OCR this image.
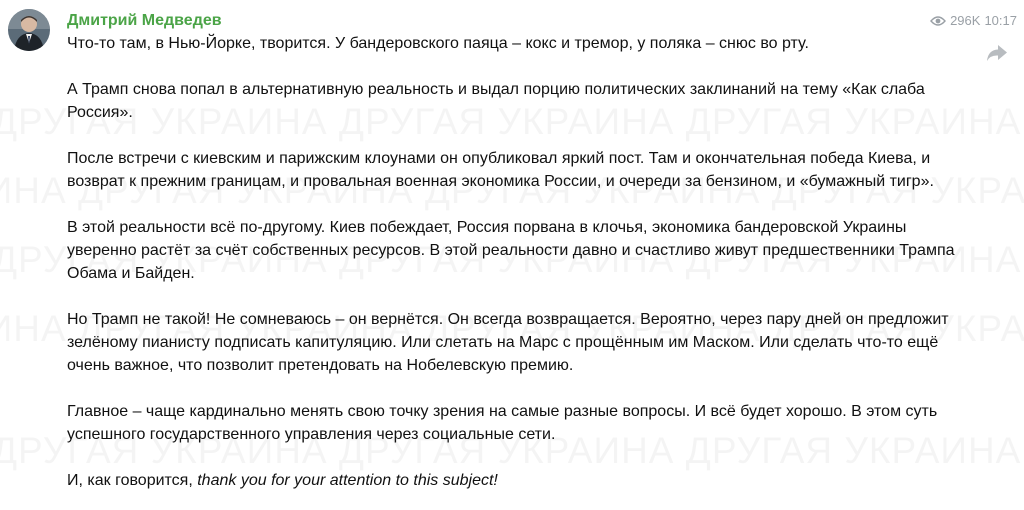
296K 10:17
Дмитрий Медведев

Что-то там, в Нью-Йорке, творится. У бандеровского паяца – кокс и тремор, у поляка – снюс во рту.

А Трамп снова попал в альтернативную реальность и выдал порцию политических заклинаний на тему «Как слаба Россия».

После встречи с киевским и парижским клоунами он опубликовал яркий пост. Там и окончательная победа Киева, и возврат к прежним границам, и провальная военная экономика России, и очереди за бензином, и «бумажный тигр».

В этой реальности всё по-другому. Киев побеждает, Россия порвана в клочья, экономика бандеровской Украины уверенно растёт за счёт собственных ресурсов. В этой реальности давно и счастливо живут предшественники Трампа Обама и Байден.

Но Трамп не такой! Не сомневаюсь – он вернётся. Он всегда возвращается. Вероятно, через пару дней он предложит зелёному пианисту подписать капитуляцию. Или слетать на Марс с прощённым им Маском. Или сделать что-то ещё очень важное, что позволит претендовать на Нобелевскую премию.

Главное – чаще кардинально менять свою точку зрения на самые разные вопросы. И всё будет хорошо. В этом суть успешного государственного управления через социальные сети.

И, как говорится, thank you for your attention to this subject!
